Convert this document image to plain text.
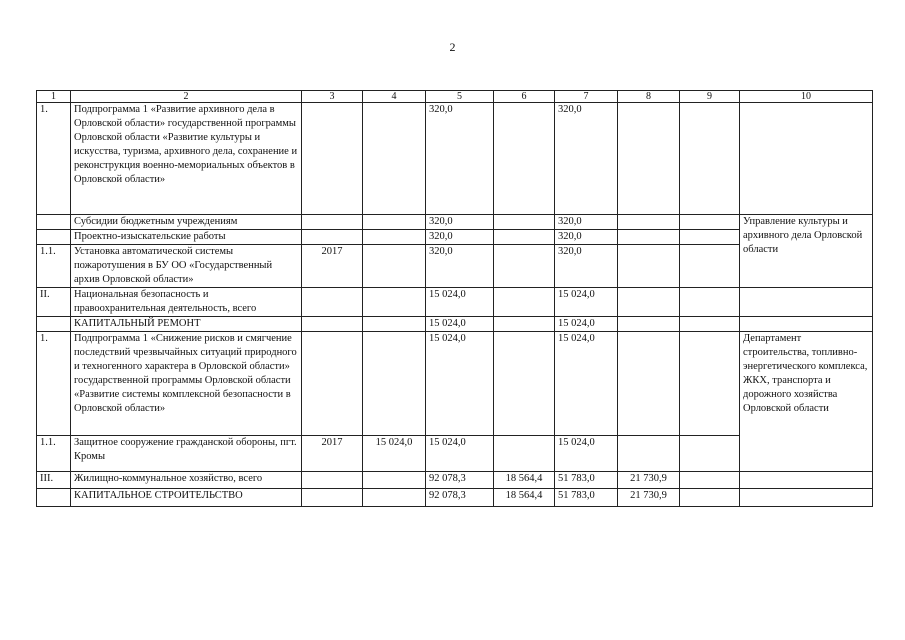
2
1	2	3	4	5	6	7	8	9	10
1.	Подпрограмма 1 «Развитие архивного дела в Орловской области» государственной программы Орловской области «Развитие культуры и искусства, туризма, архивного дела, сохранение и реконструкция военно-мемориальных объектов в Орловской области»			320,0		320,0			
	Субсидии бюджетным учреждениям			320,0		320,0			Управление культуры и архивного дела Орловской области
	Проектно-изыскательские работы			320,0		320,0			
1.1.	Установка автоматической системы пожаротушения в БУ ОО «Государственный архив Орловской области»	2017		320,0		320,0			
II.	Национальная безопасность и правоохранительная деятельность, всего			15 024,0		15 024,0			
	КАПИТАЛЬНЫЙ РЕМОНТ			15 024,0		15 024,0			
1.	Подпрограмма 1 «Снижение рисков и смягчение последствий чрезвычайных ситуаций природного и техногенного характера в Орловской области» государственной программы Орловской области «Развитие системы комплексной безопасности в Орловской области»			15 024,0		15 024,0			Департамент строительства, топливно-энергетического комплекса, ЖКХ, транспорта и дорожного хозяйства Орловской области
1.1.	Защитное сооружение гражданской обороны, пгт. Кромы	2017	15 024,0	15 024,0		15 024,0			
III.	Жилищно-коммунальное хозяйство, всего			92 078,3	18 564,4	51 783,0	21 730,9		
	КАПИТАЛЬНОЕ СТРОИТЕЛЬСТВО			92 078,3	18 564,4	51 783,0	21 730,9		
